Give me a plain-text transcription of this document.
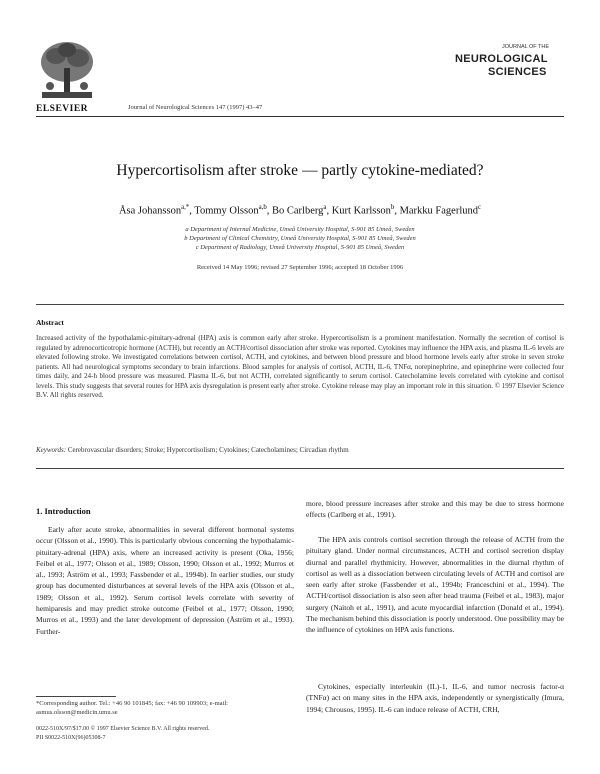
ELSEVIER	Journal of Neurological Sciences 147 (1997) 43–47
JOURNAL OF THE
NEUROLOGICAL
SCIENCES
Hypercortisolism after stroke — partly cytokine-mediated?
Åsa Johansson$^{a,*}$, Tommy Olsson$^{a,b}$, Bo Carlberg$^a$, Kurt Karlsson$^b$, Markku Fagerlund$^c$
a Department of Internal Medicine, Umeå University Hospital, S-901 85 Umeå, Sweden
b Department of Clinical Chemistry, Umeå University Hospital, S-901 85 Umeå, Sweden
c Department of Radiology, Umeå University Hospital, S-901 85 Umeå, Sweden
Received 14 May 1996; revised 27 September 1996; accepted 18 October 1996
Abstract
Increased activity of the hypothalamic-pituitary-adrenal (HPA) axis is common early after stroke. Hypercortisolism is a prominent manifestation. Normally the secretion of cortisol is regulated by adrenocorticotropic hormone (ACTH), but recently an ACTH/cortisol dissociation after stroke was reported. Cytokines may influence the HPA axis, and plasma IL-6 levels are elevated following stroke. We investigated correlations between cortisol, ACTH, and cytokines, and between blood pressure and blood hormone levels early after stroke in seven stroke patients. All had neurological symptoms secondary to brain infarctions. Blood samples for analysis of cortisol, ACTH, IL-6, TNFα, norepinephrine, and epinephrine were collected four times daily, and 24-h blood pressure was measured. Plasma IL-6, but not ACTH, correlated significantly to serum cortisol. Catecholamine levels correlated with cytokine and cortisol levels. This study suggests that several routes for HPA axis dysregulation is present early after stroke. Cytokine release may play an important role in this situation. © 1997 Elsevier Science B.V. All rights reserved.
Keywords: Cerebrovascular disorders; Stroke; Hypercortisolism; Cytokines; Catecholamines; Circadian rhythm
1. Introduction
Early after acute stroke, abnormalities in several different hormonal systems occur (Olsson et al., 1990). This is particularly obvious concerning the hypothalamic-pituitary-adrenal (HPA) axis, where an increased activity is present (Oka, 1956; Feibel et al., 1977; Olsson et al., 1989; Olsson, 1990; Olsson et al., 1992; Murros et al., 1993; Åström et al., 1993; Fassbender et al., 1994b). In earlier studies, our study group has documented disturbances at several levels of the HPA axis (Olsson et al., 1989; Olsson et al., 1992). Serum cortisol levels correlate with severity of hemiparesis and may predict stroke outcome (Feibel et al., 1977; Olsson, 1990; Murros et al., 1993) and the later development of depression (Åström et al., 1993). Further-
more, blood pressure increases after stroke and this may be due to stress hormone effects (Carlberg et al., 1991).
The HPA axis controls cortisol secretion through the release of ACTH from the pituitary gland. Under normal circumstances, ACTH and cortisol secretion display diurnal and parallel rhythmicity. However, abnormalities in the diurnal rhythm of cortisol as well as a dissociation between circulating levels of ACTH and cortisol are seen early after stroke (Fassbender et al., 1994b; Franceschini et al., 1994). The ACTH/cortisol dissociation is also seen after head trauma (Feibel et al., 1983), major surgery (Naitoh et al., 1991), and acute myocardial infarction (Donald et al., 1994). The mechanism behind this dissociation is poorly understood. One possibility may be the influence of cytokines on HPA axis functions.
Cytokines, especially interleukin (IL)-1, IL-6, and tumor necrosis factor-α (TNFα) act on many sites in the HPA axis, independently or synergistically (Imura, 1994; Chrousos, 1995). IL-6 can induce release of ACTH, CRH,
*Corresponding author. Tel.: +46 90 101845; fax: +46 90 109903; e-mail: asmus.olsson@medicin.umu.se
0022-510X/97/$17.00 © 1997 Elsevier Science B.V. All rights reserved.
PII S0022-510X(96)05308-7
